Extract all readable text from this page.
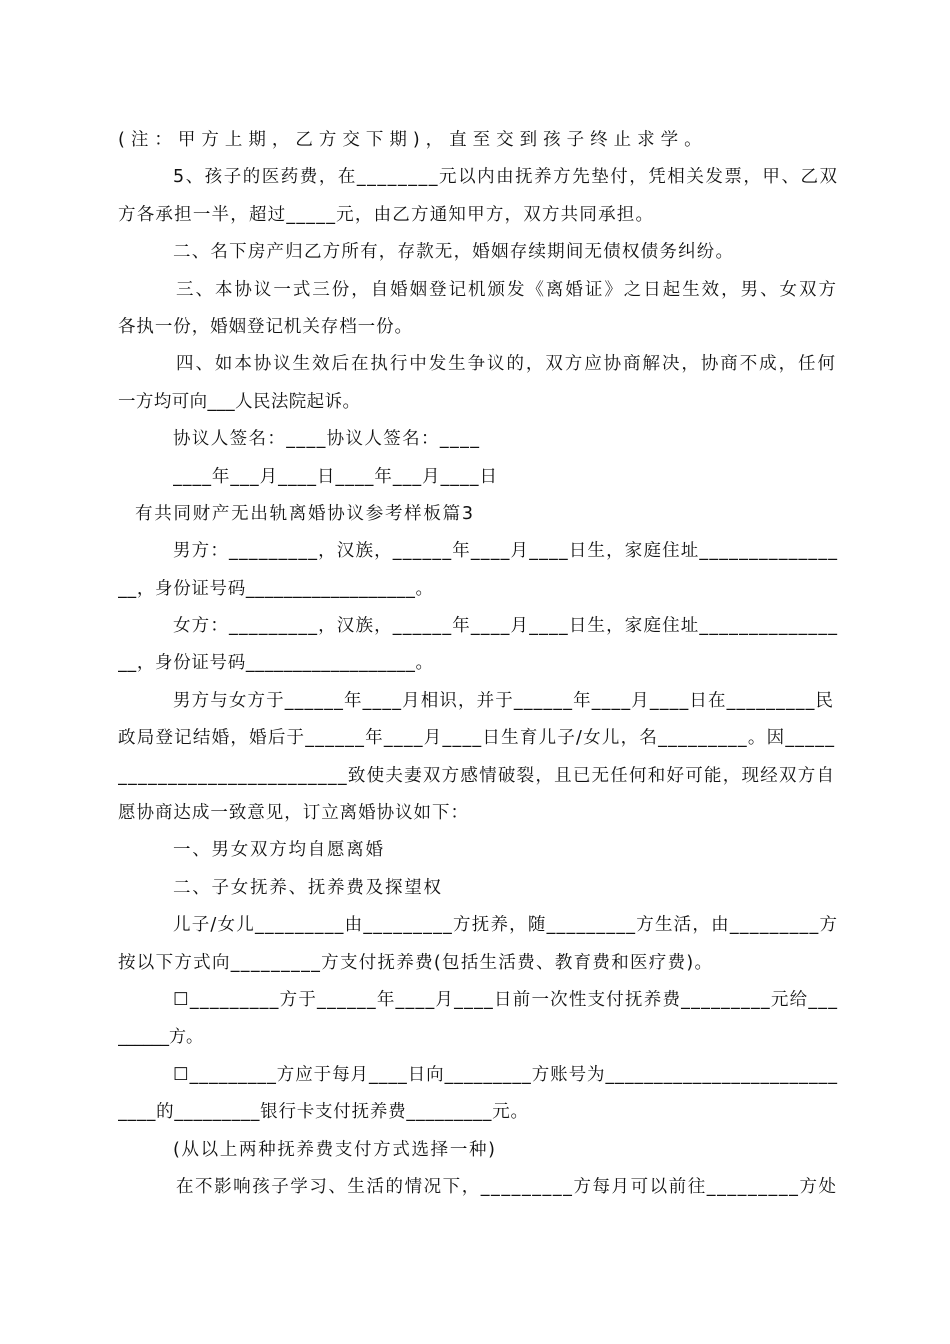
(注：甲方上期，乙方交下期)，直至交到孩子终止求学。
5、孩子的医药费，在________元以内由抚养方先垫付，凭相关发票，甲、乙双
方各承担一半，超过_____元，由乙方通知甲方，双方共同承担。
二、名下房产归乙方所有，存款无，婚姻存续期间无债权债务纠纷。
三、本协议一式三份，自婚姻登记机颁发《离婚证》之日起生效，男、女双方
各执一份，婚姻登记机关存档一份。
四、如本协议生效后在执行中发生争议的，双方应协商解决，协商不成，任何
一方均可向___人民法院起诉。
协议人签名：____协议人签名：____
____年___月____日____年___月____日
有共同财产无出轨离婚协议参考样板篇3
男方：_________，汉族，______年____月____日生，家庭住址______________
__，身份证号码__________________。
女方：_________，汉族，______年____月____日生，家庭住址______________
__，身份证号码__________________。
男方与女方于______年____月相识，并于______年____月____日在_________民
政局登记结婚，婚后于______年____月____日生育儿子/女儿，名_________。因_____
_______________________致使夫妻双方感情破裂，且已无任何和好可能，现经双方自
愿协商达成一致意见，订立离婚协议如下：
一、男女双方均自愿离婚
二、子女抚养、抚养费及探望权
儿子/女儿_________由_________方抚养，随_________方生活，由_________方
按以下方式向_________方支付抚养费(包括生活费、教育费和医疗费)。
☐_________方于______年____月____日前一次性支付抚养费_________元给___
______方。
☐_________方应于每月____日向_________方账号为________________________
____的_________银行卡支付抚养费_________元。
(从以上两种抚养费支付方式选择一种)
在不影响孩子学习、生活的情况下，_________方每月可以前往_________方处
